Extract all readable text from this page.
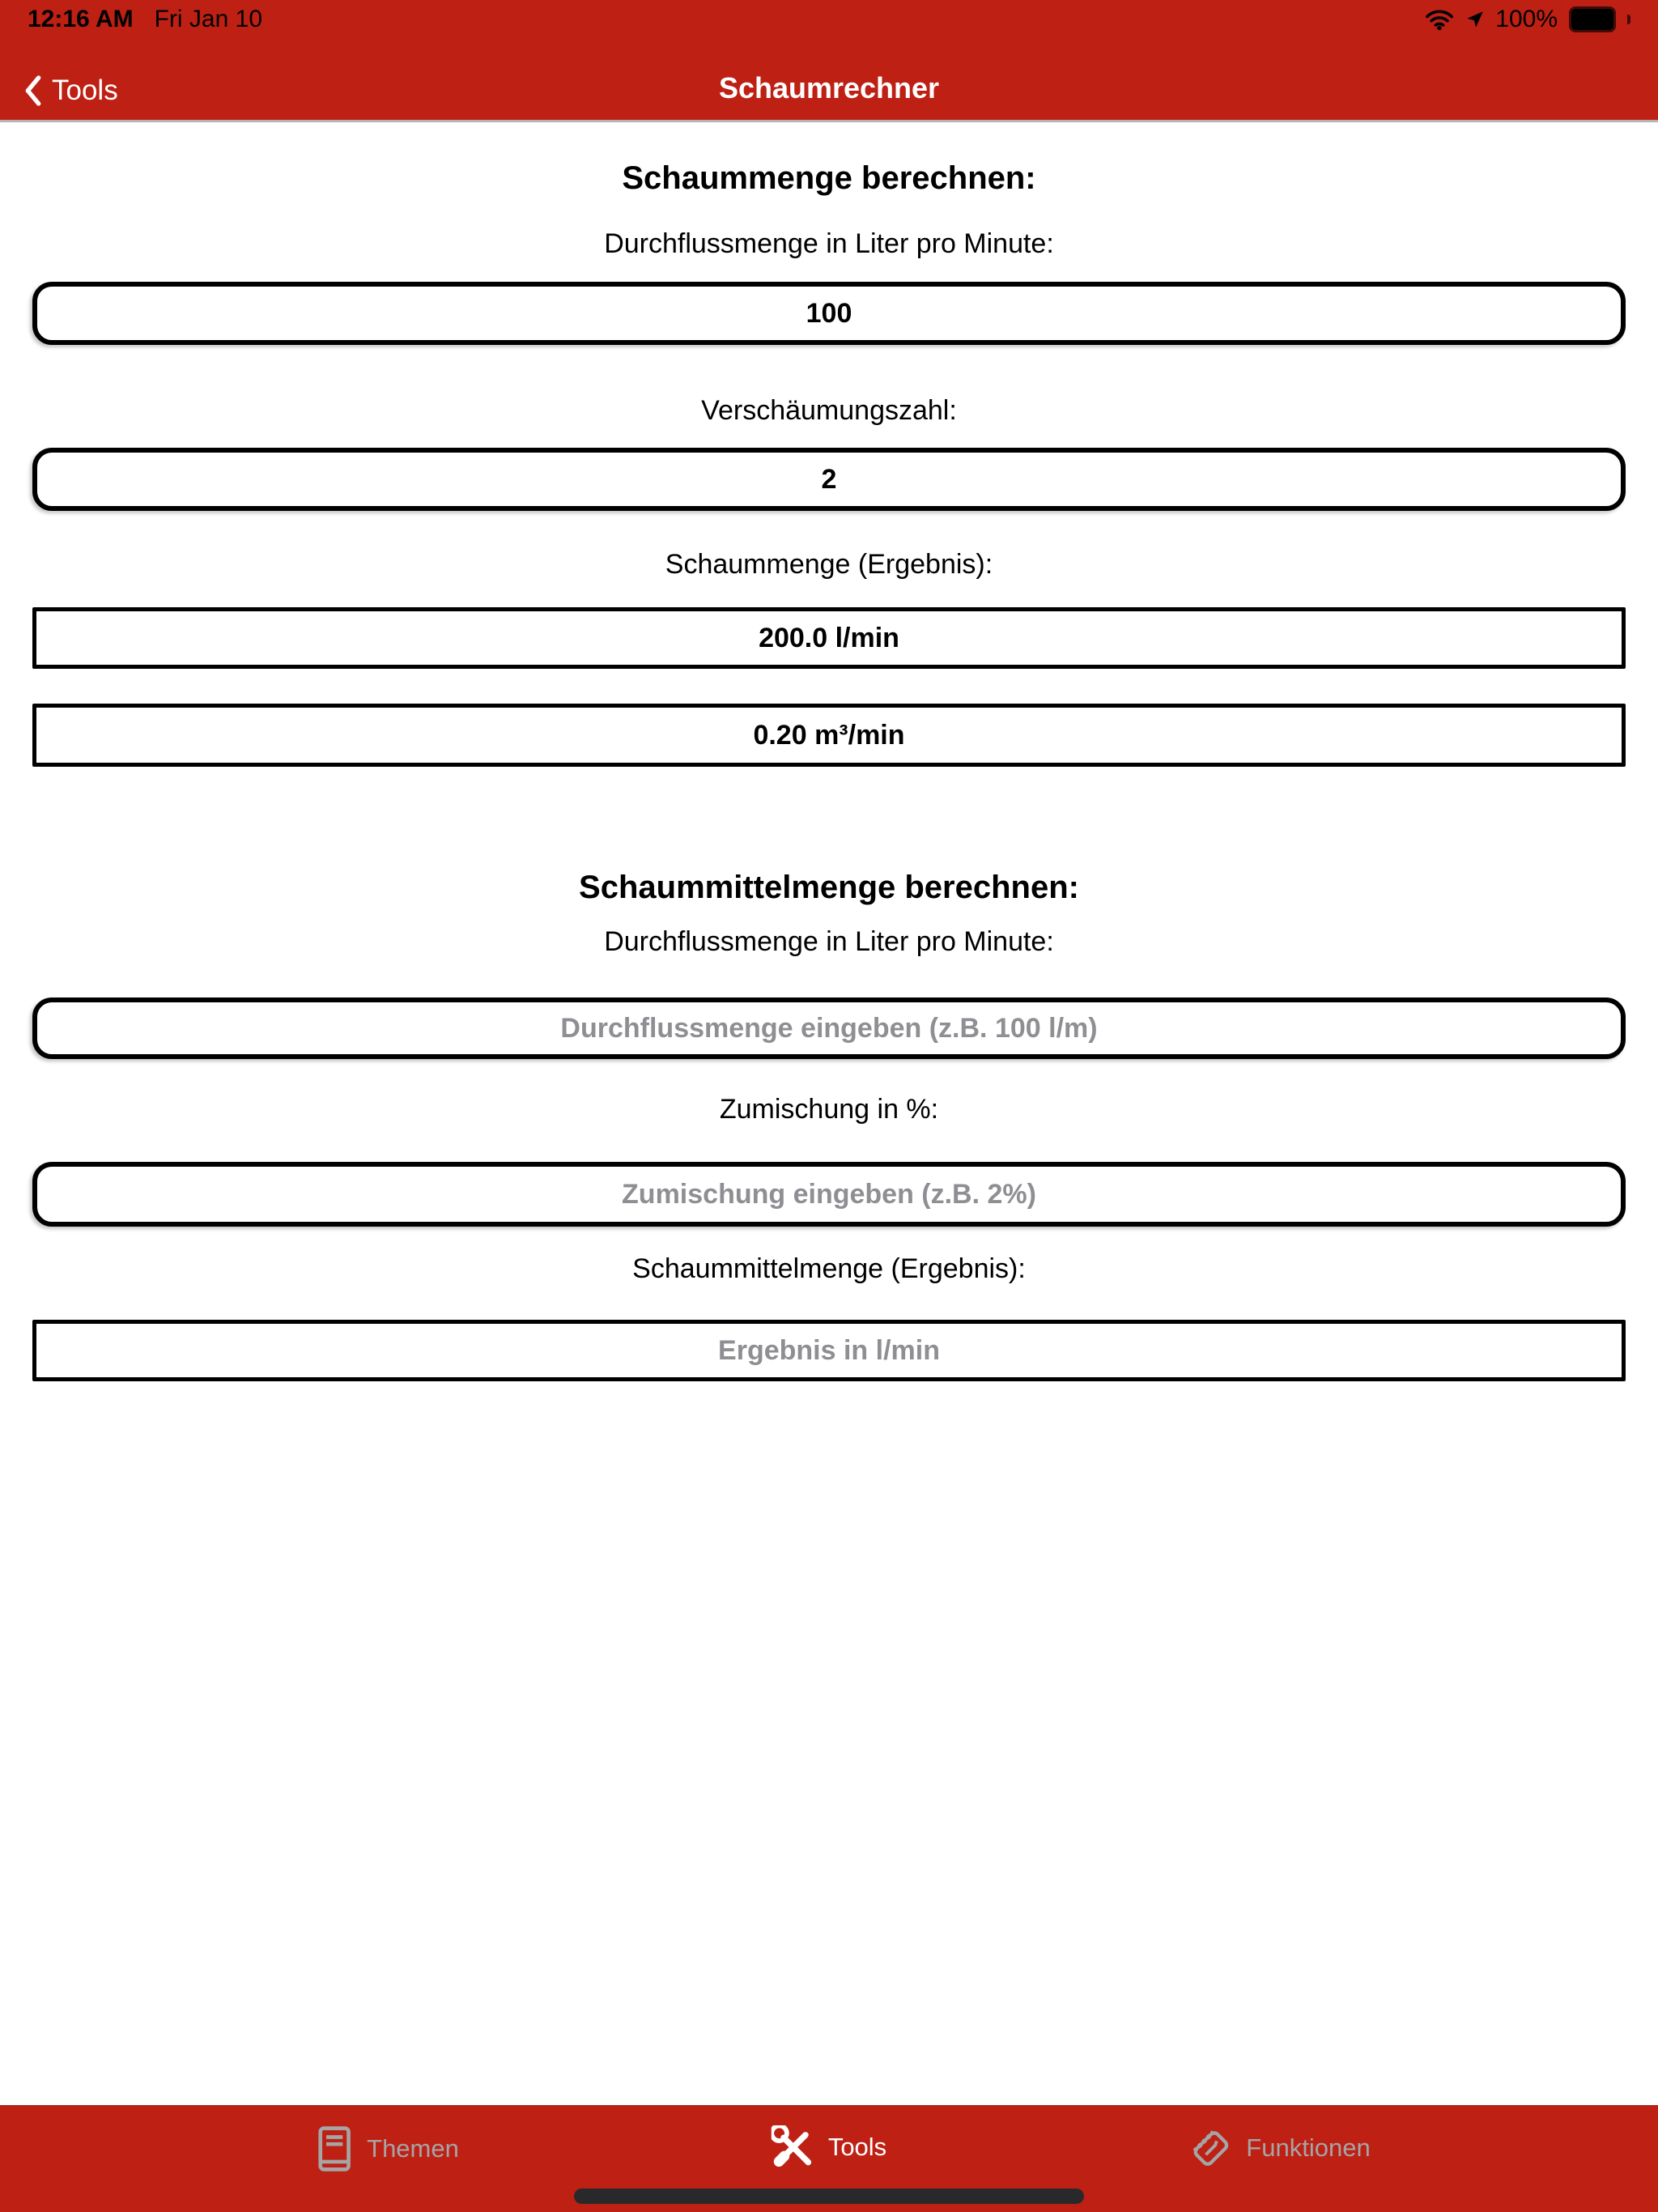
12:16 AM Fri Jan 10	100%
Tools	Schaumrechner
Schaummenge berechnen:
Durchflussmenge in Liter pro Minute:
100
Verschäumungszahl:
2
Schaummenge (Ergebnis):
200.0 l/min
0.20 m³/min
Schaummittelmenge berechnen:
Durchflussmenge in Liter pro Minute:
Durchflussmenge eingeben (z.B. 100 l/m)
Zumischung in %:
Zumischung eingeben (z.B. 2%)
Schaummittelmenge (Ergebnis):
Ergebnis in l/min
Themen	Tools	Funktionen
